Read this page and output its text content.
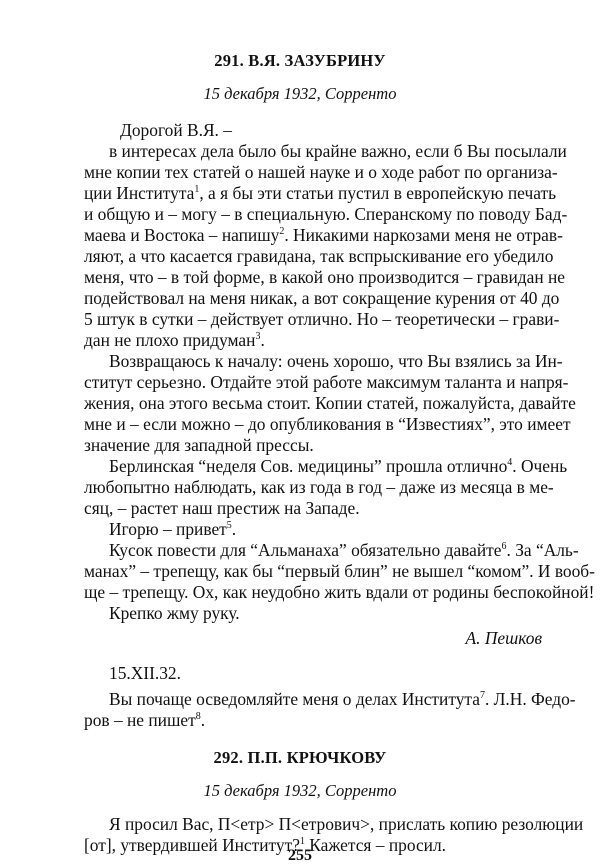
291. В.Я. ЗАЗУБРИНУ
15 декабря 1932, Сорренто
Дорогой В.Я. –
в интересах дела было бы крайне важно, если б Вы посылали
мне копии тех статей о нашей науке и о ходе работ по организа-
ции Института$^1$, а я бы эти статьи пустил в европейскую печать
и общую и – могу – в специальную. Сперанскому по поводу Бад-
маева и Востока – напишу$^2$. Никакими наркозами меня не отрав-
ляют, а что касается гравидана, так вспрыскивание его убедило
меня, что – в той форме, в какой оно производится – гравидан не
подействовал на меня никак, а вот сокращение курения от 40 до
5 штук в сутки – действует отлично. Но – теоретически – грави-
дан не плохо придуман$^3$.
Возвращаюсь к началу: очень хорошо, что Вы взялись за Ин-
ститут серьезно. Отдайте этой работе максимум таланта и напря-
жения, она этого весьма стоит. Копии статей, пожалуйста, давайте
мне и – если можно – до опубликования в “Известиях”, это имеет
значение для западной прессы.
Берлинская “неделя Сов. медицины” прошла отлично$^4$. Очень
любопытно наблюдать, как из года в год – даже из месяца в ме-
сяц, – растет наш престиж на Западе.
Игорю – привет$^5$.
Кусок повести для “Альманаха” обязательно давайте$^6$. За “Аль-
манах” – трепещу, как бы “первый блин” не вышел “комом”. И вооб-
ще – трепещу. Ох, как неудобно жить вдали от родины беспокойной!
Крепко жму руку.
А. Пешков
15.XII.32.
Вы почаще осведомляйте меня о делах Института$^7$. Л.Н. Федо-
ров – не пишет$^8$.
292. П.П. КРЮЧКОВУ
15 декабря 1932, Сорренто
Я просил Вас, П<етр> П<етрович>, прислать копию резолюции
[от], утвердившей Институт?$^1$ Кажется – просил.
255
